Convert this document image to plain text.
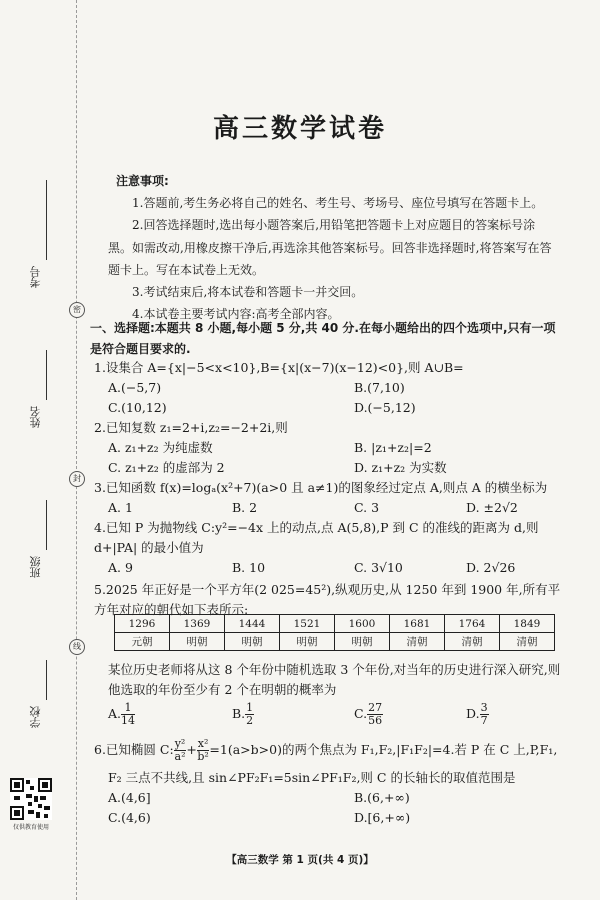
密
封
线
考号
姓名
班级
学校
仅供教育使用
高三数学试卷

注意事项:

1.答题前,考生务必将自己的姓名、考生号、考场号、座位号填写在答题卡上。

2.回答选择题时,选出每小题答案后,用铅笔把答题卡上对应题目的答案标号涂黑。如需改动,用橡皮擦干净后,再选涂其他答案标号。回答非选择题时,将答案写在答题卡上。写在本试卷上无效。

3.考试结束后,将本试卷和答题卡一并交回。

4.本试卷主要考试内容:高考全部内容。

一、选择题:本题共 8 小题,每小题 5 分,共 40 分.在每小题给出的四个选项中,只有一项是符合题目要求的.
1.设集合 A={x|−5<x<10},B={x|(x−7)(x−12)<0},则 A∪B=
A.(−5,7)	B.(7,10)
C.(10,12)	D.(−5,12)
2.已知复数 z₁=2+i,z₂=−2+2i,则
A. z₁+z₂ 为纯虚数	B. |z₁+z₂|=2
C. z₁+z₂ 的虚部为 2	D. z₁+z₂ 为实数
3.已知函数 f(x)=logₐ(x²+7)(a>0 且 a≠1)的图象经过定点 A,则点 A 的横坐标为
A. 1	B. 2	C. 3	D. ±2√2
4.已知 P 为抛物线 C:y²=−4x 上的动点,点 A(5,8),P 到 C 的准线的距离为 d,则 d+|PA| 的最小值为
A. 9	B. 10	C. 3√10	D. 2√26
5.2025 年正好是一个平方年(2 025=45²),纵观历史,从 1250 年到 1900 年,所有平方年对应的朝代如下表所示:
1296	1369	1444	1521	1600	1681	1764	1849
元朝	明朝	明朝	明朝	明朝	清朝	清朝	清朝
某位历史老师将从这 8 个年份中随机选取 3 个年份,对当年的历史进行深入研究,则他选取的年份至少有 2 个在明朝的概率为
A. $\frac{1}{14}$	B. $\frac{1}{2}$	C. $\frac{27}{56}$	D. $\frac{3}{7}$
6.已知椭圆 C: $\frac{\text{y²}}{\text{a²}} + \frac{\text{x²}}{\text{b²}} =1(a>b>0)$的两个焦点为 F₁,F₂,|F₁F₂|=4.若 P 在 C 上,P,F₁,
F₂ 三点不共线,且 sin∠PF₂F₁=5sin∠PF₁F₂,则 C 的长轴长的取值范围是
A.(4,6]	B.(6,+∞)
C.(4,6)	D.[6,+∞)
【高三数学 第 1 页(共 4 页)】
